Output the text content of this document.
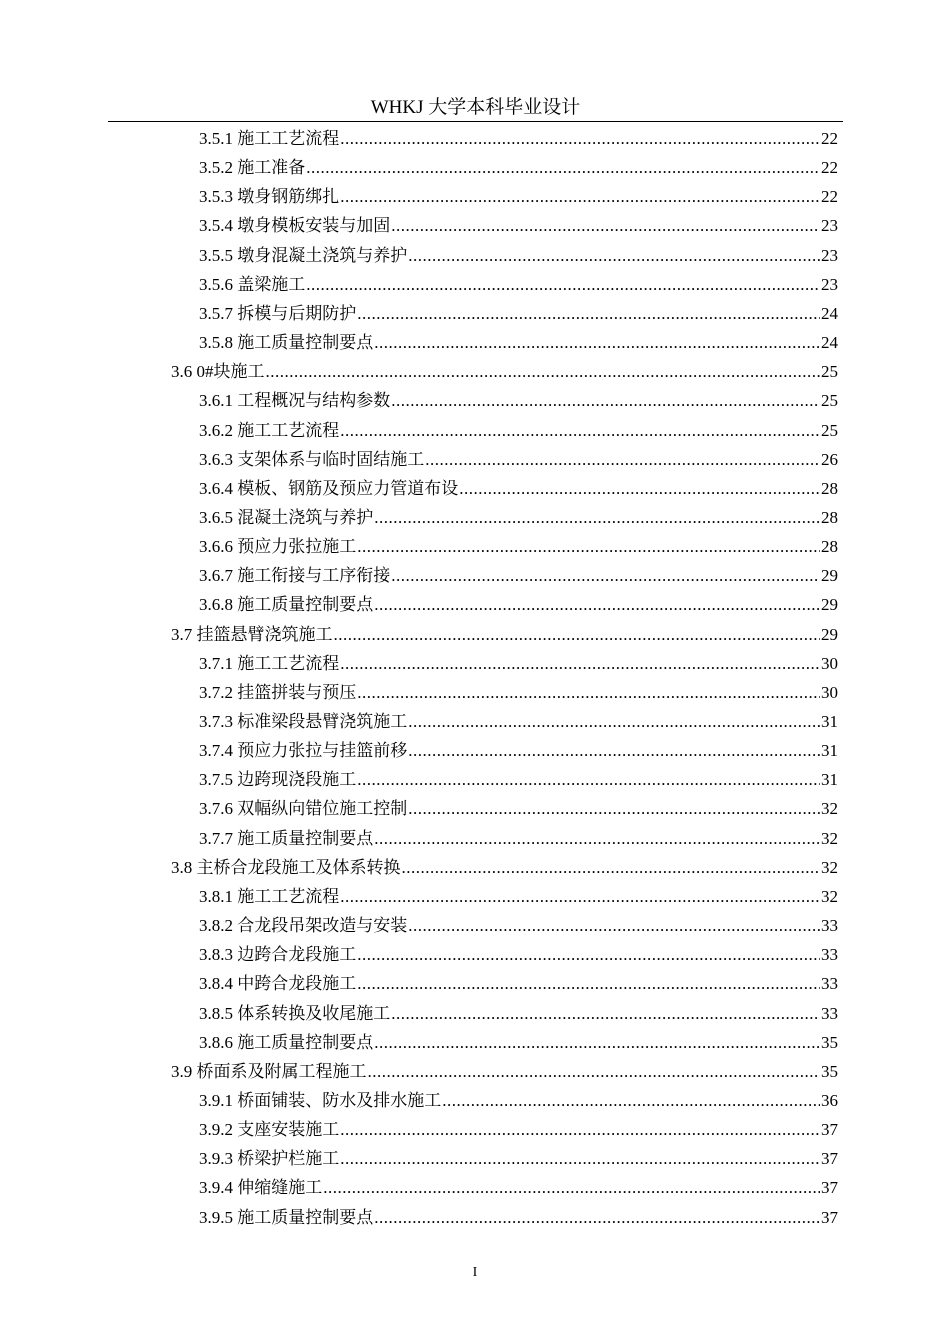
WHKJ 大学本科毕业设计
3.5.1 施工工艺流程 .....	22
3.5.2 施工准备 .....	22
3.5.3 墩身钢筋绑扎 .....	22
3.5.4 墩身模板安装与加固 .....	23
3.5.5 墩身混凝土浇筑与养护 .....	23
3.5.6 盖梁施工 .....	23
3.5.7 拆模与后期防护 .....	24
3.5.8 施工质量控制要点 .....	24
3.6 0#块施工 .....	25
3.6.1 工程概况与结构参数 .....	25
3.6.2 施工工艺流程 .....	25
3.6.3 支架体系与临时固结施工 .....	26
3.6.4 模板、钢筋及预应力管道布设 .....	28
3.6.5 混凝土浇筑与养护 .....	28
3.6.6 预应力张拉施工 .....	28
3.6.7 施工衔接与工序衔接 .....	29
3.6.8 施工质量控制要点 .....	29
3.7 挂篮悬臂浇筑施工 .....	29
3.7.1 施工工艺流程 .....	30
3.7.2 挂篮拼装与预压 .....	30
3.7.3 标准梁段悬臂浇筑施工 .....	31
3.7.4 预应力张拉与挂篮前移 .....	31
3.7.5 边跨现浇段施工 .....	31
3.7.6 双幅纵向错位施工控制 .....	32
3.7.7 施工质量控制要点 .....	32
3.8 主桥合龙段施工及体系转换 .....	32
3.8.1 施工工艺流程 .....	32
3.8.2 合龙段吊架改造与安装 .....	33
3.8.3 边跨合龙段施工 .....	33
3.8.4 中跨合龙段施工 .....	33
3.8.5 体系转换及收尾施工 .....	33
3.8.6 施工质量控制要点 .....	35
3.9 桥面系及附属工程施工 .....	35
3.9.1 桥面铺装、防水及排水施工 .....	36
3.9.2 支座安装施工 .....	37
3.9.3 桥梁护栏施工 .....	37
3.9.4 伸缩缝施工 .....	37
3.9.5 施工质量控制要点 .....	37
I
